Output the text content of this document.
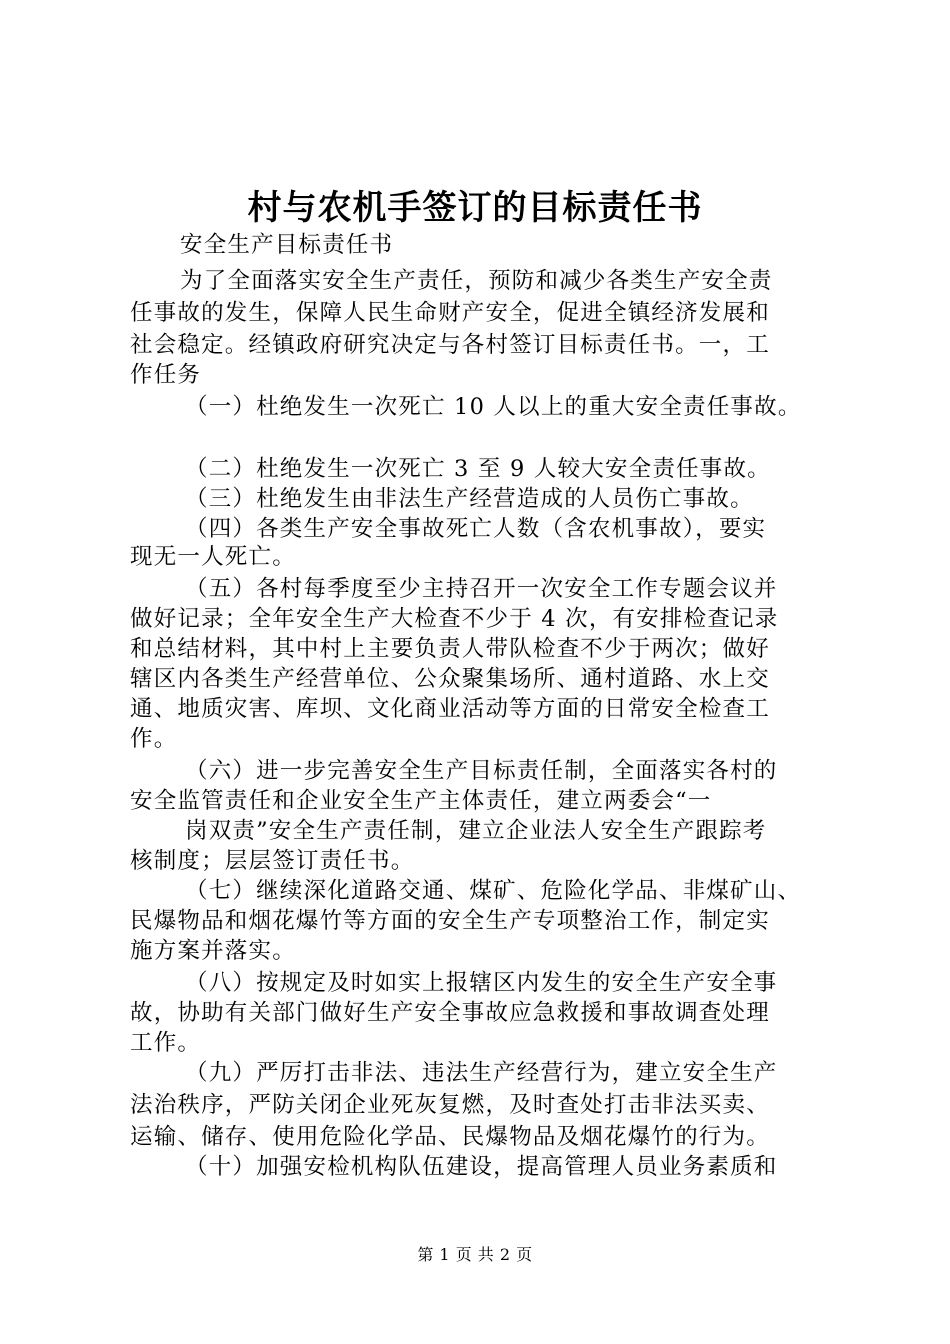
村与农机手签订的目标责任书
安全生产目标责任书
为了全面落实安全生产责任，预防和减少各类生产安全责
任事故的发生，保障人民生命财产安全，促进全镇经济发展和
社会稳定。经镇政府研究决定与各村签订目标责任书。一，工
作任务
（一）杜绝发生一次死亡 10 人以上的重大安全责任事故。
（二）杜绝发生一次死亡 3 至 9 人较大安全责任事故。
（三）杜绝发生由非法生产经营造成的人员伤亡事故。
（四）各类生产安全事故死亡人数（含农机事故），要实
现无一人死亡。
（五）各村每季度至少主持召开一次安全工作专题会议并
做好记录；全年安全生产大检查不少于 4 次，有安排检查记录
和总结材料，其中村上主要负责人带队检查不少于两次；做好
辖区内各类生产经营单位、公众聚集场所、通村道路、水上交
通、地质灾害、库坝、文化商业活动等方面的日常安全检查工
作。
（六）进一步完善安全生产目标责任制，全面落实各村的
安全监管责任和企业安全生产主体责任，建立两委会“一
岗双责”安全生产责任制，建立企业法人安全生产跟踪考
核制度；层层签订责任书。
（七）继续深化道路交通、煤矿、危险化学品、非煤矿山、
民爆物品和烟花爆竹等方面的安全生产专项整治工作，制定实
施方案并落实。
（八）按规定及时如实上报辖区内发生的安全生产安全事
故，协助有关部门做好生产安全事故应急救援和事故调查处理
工作。
（九）严厉打击非法、违法生产经营行为，建立安全生产
法治秩序，严防关闭企业死灰复燃，及时查处打击非法买卖、
运输、储存、使用危险化学品、民爆物品及烟花爆竹的行为。
（十）加强安检机构队伍建设，提高管理人员业务素质和
第 1 页 共 2 页
